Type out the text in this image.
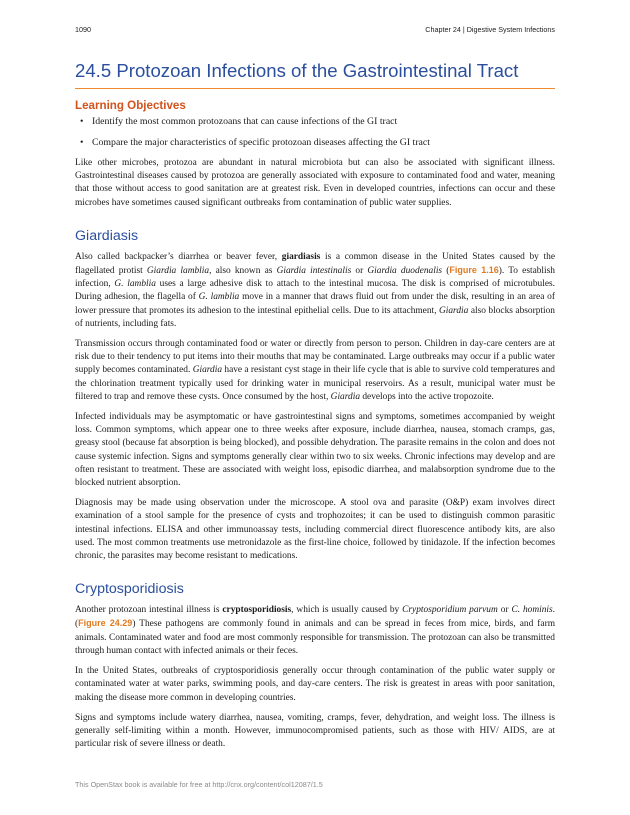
1090	Chapter 24 | Digestive System Infections
24.5 Protozoan Infections of the Gastrointestinal Tract
Learning Objectives
• Identify the most common protozoans that can cause infections of the GI tract
• Compare the major characteristics of specific protozoan diseases affecting the GI tract

Like other microbes, protozoa are abundant in natural microbiota but can also be associated with significant illness. Gastrointestinal diseases caused by protozoa are generally associated with exposure to contaminated food and water, meaning that those without access to good sanitation are at greatest risk. Even in developed countries, infections can occur and these microbes have sometimes caused significant outbreaks from contamination of public water supplies.

Giardiasis

Also called backpacker’s diarrhea or beaver fever, giardiasis is a common disease in the United States caused by the flagellated protist Giardia lamblia, also known as Giardia intestinalis or Giardia duodenalis (Figure 1.16). To establish infection, G. lamblia uses a large adhesive disk to attach to the intestinal mucosa. The disk is comprised of microtubules. During adhesion, the flagella of G. lamblia move in a manner that draws fluid out from under the disk, resulting in an area of lower pressure that promotes its adhesion to the intestinal epithelial cells. Due to its attachment, Giardia also blocks absorption of nutrients, including fats.

Transmission occurs through contaminated food or water or directly from person to person. Children in day-care centers are at risk due to their tendency to put items into their mouths that may be contaminated. Large outbreaks may occur if a public water supply becomes contaminated. Giardia have a resistant cyst stage in their life cycle that is able to survive cold temperatures and the chlorination treatment typically used for drinking water in municipal reservoirs. As a result, municipal water must be filtered to trap and remove these cysts. Once consumed by the host, Giardia develops into the active tropozoite.

Infected individuals may be asymptomatic or have gastrointestinal signs and symptoms, sometimes accompanied by weight loss. Common symptoms, which appear one to three weeks after exposure, include diarrhea, nausea, stomach cramps, gas, greasy stool (because fat absorption is being blocked), and possible dehydration. The parasite remains in the colon and does not cause systemic infection. Signs and symptoms generally clear within two to six weeks. Chronic infections may develop and are often resistant to treatment. These are associated with weight loss, episodic diarrhea, and malabsorption syndrome due to the blocked nutrient absorption.

Diagnosis may be made using observation under the microscope. A stool ova and parasite (O&P) exam involves direct examination of a stool sample for the presence of cysts and trophozoites; it can be used to distinguish common parasitic intestinal infections. ELISA and other immunoassay tests, including commercial direct fluorescence antibody kits, are also used. The most common treatments use metronidazole as the first-line choice, followed by tinidazole. If the infection becomes chronic, the parasites may become resistant to medications.

Cryptosporidiosis

Another protozoan intestinal illness is cryptosporidiosis, which is usually caused by Cryptosporidium parvum or C. hominis. (Figure 24.29) These pathogens are commonly found in animals and can be spread in feces from mice, birds, and farm animals. Contaminated water and food are most commonly responsible for transmission. The protozoan can also be transmitted through human contact with infected animals or their feces.

In the United States, outbreaks of cryptosporidiosis generally occur through contamination of the public water supply or contaminated water at water parks, swimming pools, and day-care centers. The risk is greatest in areas with poor sanitation, making the disease more common in developing countries.

Signs and symptoms include watery diarrhea, nausea, vomiting, cramps, fever, dehydration, and weight loss. The illness is generally self-limiting within a month. However, immunocompromised patients, such as those with HIV/ AIDS, are at particular risk of severe illness or death.

This OpenStax book is available for free at http://cnx.org/content/col12087/1.5
